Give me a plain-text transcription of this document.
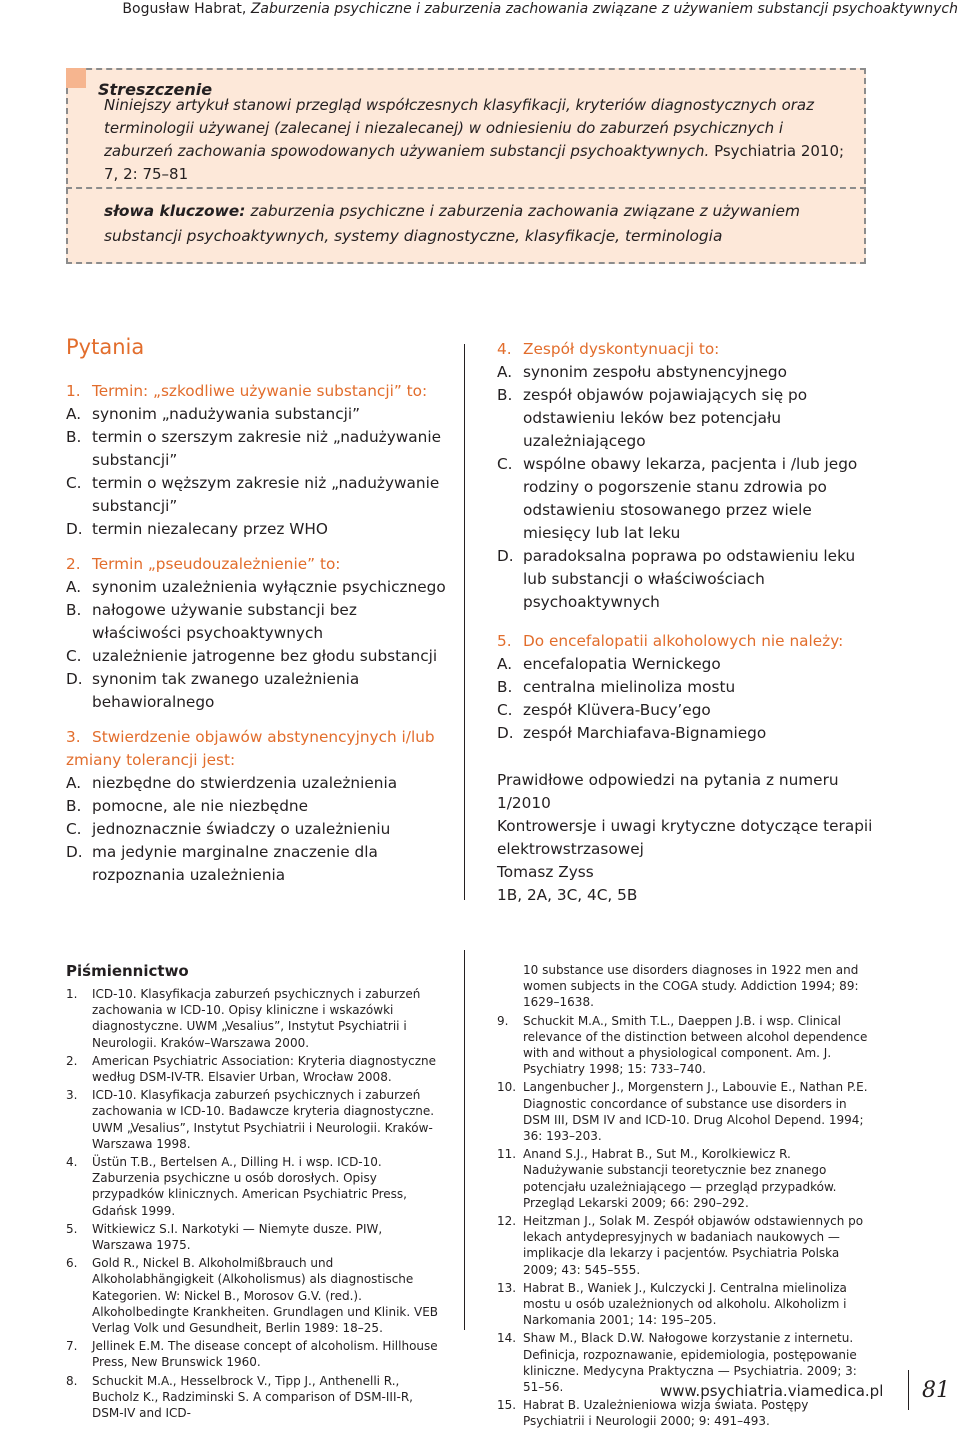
Bogusław Habrat, Zaburzenia psychiczne i zaburzenia zachowania związane z używaniem substancji psychoaktywnych
Streszczenie
Niniejszy artykuł stanowi przegląd współczesnych klasyfikacji, kryteriów diagnostycznych oraz terminologii używanej (zalecanej i niezalecanej) w odniesieniu do zaburzeń psychicznych i zaburzeń zachowania spowodowanych używaniem substancji psychoaktywnych. Psychiatria 2010; 7, 2: 75–81
słowa kluczowe: zaburzenia psychiczne i zaburzenia zachowania związane z używaniem substancji psychoaktywnych, systemy diagnostyczne, klasyfikacje, terminologia
Pytania
1. Termin: „szkodliwe używanie substancji” to:
A. synonim „nadużywania substancji”
B. termin o szerszym zakresie niż „nadużywanie substancji”
C. termin o węższym zakresie niż „nadużywanie substancji”
D. termin niezalecany przez WHO
2. Termin „pseudouzależnienie” to:
A. synonim uzależnienia wyłącznie psychicznego
B. nałogowe używanie substancji bez właściwości psychoaktywnych
C. uzależnienie jatrogenne bez głodu substancji
D. synonim tak zwanego uzależnienia behawioralnego
3. Stwierdzenie objawów abstynencyjnych i/lub
zmiany tolerancji jest:
A. niezbędne do stwierdzenia uzależnienia
B. pomocne, ale nie niezbędne
C. jednoznacznie świadczy o uzależnieniu
D. ma jedynie marginalne znaczenie dla rozpoznania uzależnienia
4. Zespół dyskontynuacji to:
A. synonim zespołu abstynencyjnego
B. zespół objawów pojawiających się po odstawieniu leków bez potencjału uzależniającego
C. wspólne obawy lekarza, pacjenta i /lub jego rodziny o pogorszenie stanu zdrowia po odstawieniu stosowanego przez wiele miesięcy lub lat leku
D. paradoksalna poprawa po odstawieniu leku lub substancji o właściwościach psychoaktywnych
5. Do encefalopatii alkoholowych nie należy:
A. encefalopatia Wernickego
B. centralna mielinoliza mostu
C. zespół Klüvera-Bucy’ego
D. zespół Marchiafava-Bignamiego
Prawidłowe odpowiedzi na pytania z numeru 1/2010
Kontrowersje i uwagi krytyczne dotyczące terapii elektrowstrzasowej
Tomasz Zyss
1B, 2A, 3C, 4C, 5B
Piśmiennictwo
1. ICD-10. Klasyfikacja zaburzeń psychicznych i zaburzeń zachowania w ICD-10. Opisy kliniczne i wskazówki diagnostyczne. UWM „Vesalius”, Instytut Psychiatrii i Neurologii. Kraków–Warszawa 2000.
2. American Psychiatric Association: Kryteria diagnostyczne według DSM-IV-TR. Elsavier Urban, Wrocław 2008.
3. ICD-10. Klasyfikacja zaburzeń psychicznych i zaburzeń zachowania w ICD-10. Badawcze kryteria diagnostyczne. UWM „Vesalius”, Instytut Psychiatrii i Neurologii. Kraków-Warszawa 1998.
4. Üstün T.B., Bertelsen A., Dilling H. i wsp. ICD-10. Zaburzenia psychiczne u osób dorosłych. Opisy przypadków klinicznych. American Psychiatric Press, Gdańsk 1999.
5. Witkiewicz S.I. Narkotyki — Niemyte dusze. PIW, Warszawa 1975.
6. Gold R., Nickel B. Alkoholmißbrauch und Alkoholabhängigkeit (Alkoholismus) als diagnostische Kategorien. W: Nickel B., Morosov G.V. (red.). Alkoholbedingte Krankheiten. Grundlagen und Klinik. VEB Verlag Volk und Gesundheit, Berlin 1989: 18–25.
7. Jellinek E.M. The disease concept of alcoholism. Hillhouse Press, New Brunswick 1960.
8. Schuckit M.A., Hesselbrock V., Tipp J., Anthenelli R., Bucholz K., Radziminski S. A comparison of DSM-III-R, DSM-IV and ICD-
10 substance use disorders diagnoses in 1922 men and women subjects in the COGA study. Addiction 1994; 89: 1629–1638.
9. Schuckit M.A., Smith T.L., Daeppen J.B. i wsp. Clinical relevance of the distinction between alcohol dependence with and without a physiological component. Am. J. Psychiatry 1998; 15: 733–740.
10. Langenbucher J., Morgenstern J., Labouvie E., Nathan P.E. Diagnostic concordance of substance use disorders in DSM III, DSM IV and ICD-10. Drug Alcohol Depend. 1994; 36: 193–203.
11. Anand S.J., Habrat B., Sut M., Korolkiewicz R. Nadużywanie substancji teoretycznie bez znanego potencjału uzależniającego — przegląd przypadków. Przegląd Lekarski 2009; 66: 290–292.
12. Heitzman J., Solak M. Zespół objawów odstawiennych po lekach antydepresyjnych w badaniach naukowych — implikacje dla lekarzy i pacjentów. Psychiatria Polska 2009; 43: 545–555.
13. Habrat B., Waniek J., Kulczycki J. Centralna mielinoliza mostu u osób uzależnionych od alkoholu. Alkoholizm i Narkomania 2001; 14: 195–205.
14. Shaw M., Black D.W. Nałogowe korzystanie z internetu. Definicja, rozpoznawanie, epidemiologia, postępowanie kliniczne. Medycyna Praktyczna — Psychiatria. 2009; 3: 51–56.
15. Habrat B. Uzależnieniowa wizja świata. Postępy Psychiatrii i Neurologii 2000; 9: 491–493.
www.psychiatria.viamedica.pl 81
